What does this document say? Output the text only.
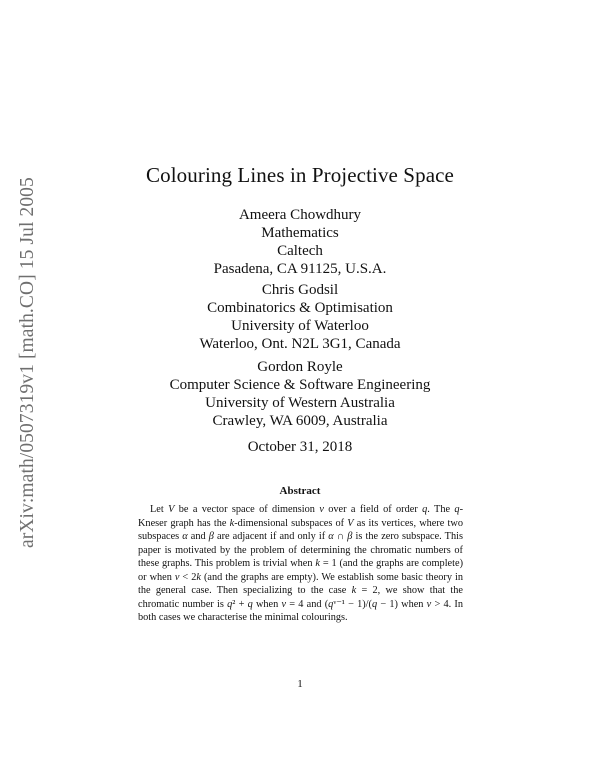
arXiv:math/0507319v1 [math.CO] 15 Jul 2005
Colouring Lines in Projective Space
Ameera Chowdhury
Mathematics
Caltech
Pasadena, CA 91125, U.S.A.
Chris Godsil
Combinatorics & Optimisation
University of Waterloo
Waterloo, Ont. N2L 3G1, Canada
Gordon Royle
Computer Science & Software Engineering
University of Western Australia
Crawley, WA 6009, Australia
October 31, 2018
Abstract
Let V be a vector space of dimension v over a field of order q. The q-Kneser graph has the k-dimensional subspaces of V as its vertices, where two subspaces α and β are adjacent if and only if α ∩ β is the zero subspace. This paper is motivated by the problem of determining the chromatic numbers of these graphs. This problem is trivial when k = 1 (and the graphs are complete) or when v < 2k (and the graphs are empty). We establish some basic theory in the general case. Then specializing to the case k = 2, we show that the chromatic number is q² + q when v = 4 and (qᵛ⁻¹ − 1)/(q − 1) when v > 4. In both cases we characterise the minimal colourings.
1
